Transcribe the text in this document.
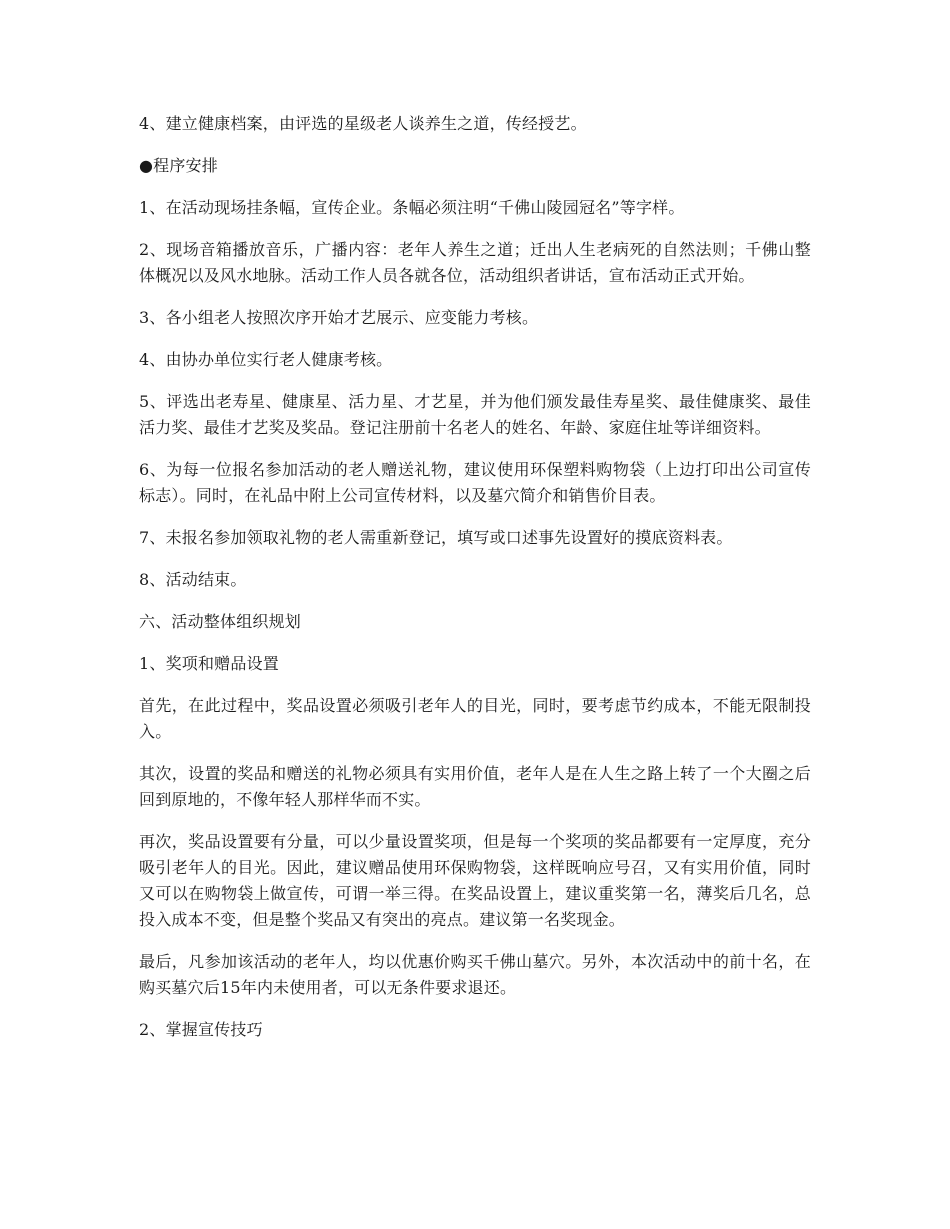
4、建立健康档案，由评选的星级老人谈养生之道，传经授艺。

●程序安排

1、在活动现场挂条幅，宣传企业。条幅必须注明“千佛山陵园冠名”等字样。

2、现场音箱播放音乐，广播内容：老年人养生之道；迁出人生老病死的自然法则；千佛山整体概况以及风水地脉。活动工作人员各就各位，活动组织者讲话，宣布活动正式开始。

3、各小组老人按照次序开始才艺展示、应变能力考核。

4、由协办单位实行老人健康考核。

5、评选出老寿星、健康星、活力星、才艺星，并为他们颁发最佳寿星奖、最佳健康奖、最佳活力奖、最佳才艺奖及奖品。登记注册前十名老人的姓名、年龄、家庭住址等详细资料。

6、为每一位报名参加活动的老人赠送礼物，建议使用环保塑料购物袋（上边打印出公司宣传标志）。同时，在礼品中附上公司宣传材料，以及墓穴简介和销售价目表。

7、未报名参加领取礼物的老人需重新登记，填写或口述事先设置好的摸底资料表。

8、活动结束。

六、活动整体组织规划

1、奖项和赠品设置

首先，在此过程中，奖品设置必须吸引老年人的目光，同时，要考虑节约成本，不能无限制投入。

其次，设置的奖品和赠送的礼物必须具有实用价值，老年人是在人生之路上转了一个大圈之后回到原地的，不像年轻人那样华而不实。

再次，奖品设置要有分量，可以少量设置奖项，但是每一个奖项的奖品都要有一定厚度，充分吸引老年人的目光。因此，建议赠品使用环保购物袋，这样既响应号召，又有实用价值，同时又可以在购物袋上做宣传，可谓一举三得。在奖品设置上，建议重奖第一名，薄奖后几名，总投入成本不变，但是整个奖品又有突出的亮点。建议第一名奖现金。

最后，凡参加该活动的老年人，均以优惠价购买千佛山墓穴。另外，本次活动中的前十名，在购买墓穴后15年内未使用者，可以无条件要求退还。

2、掌握宣传技巧
